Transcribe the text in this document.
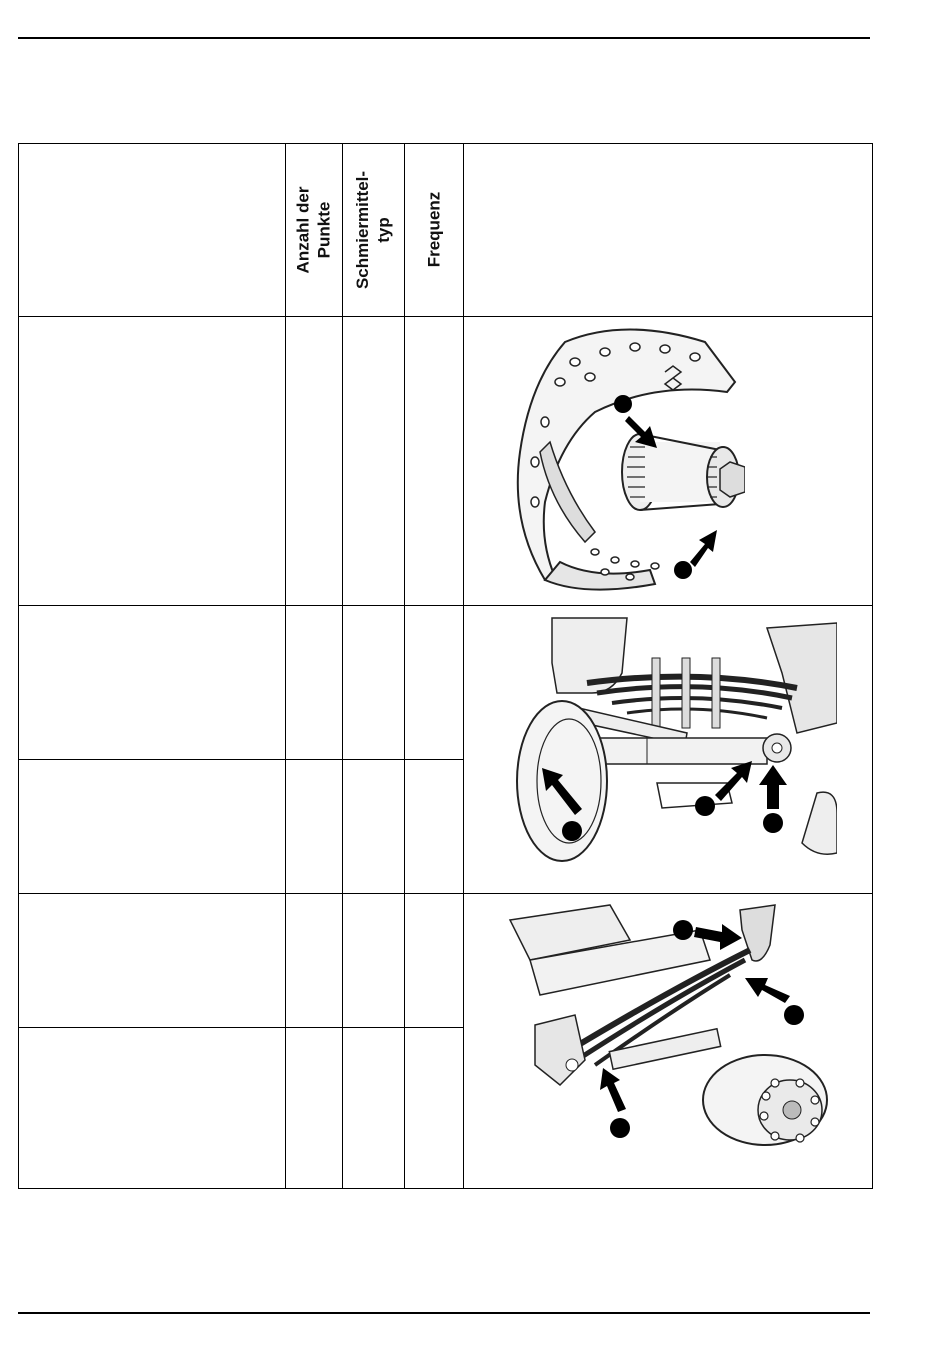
Anzahl der Punkte Schmiermittel- typ Frequenz
